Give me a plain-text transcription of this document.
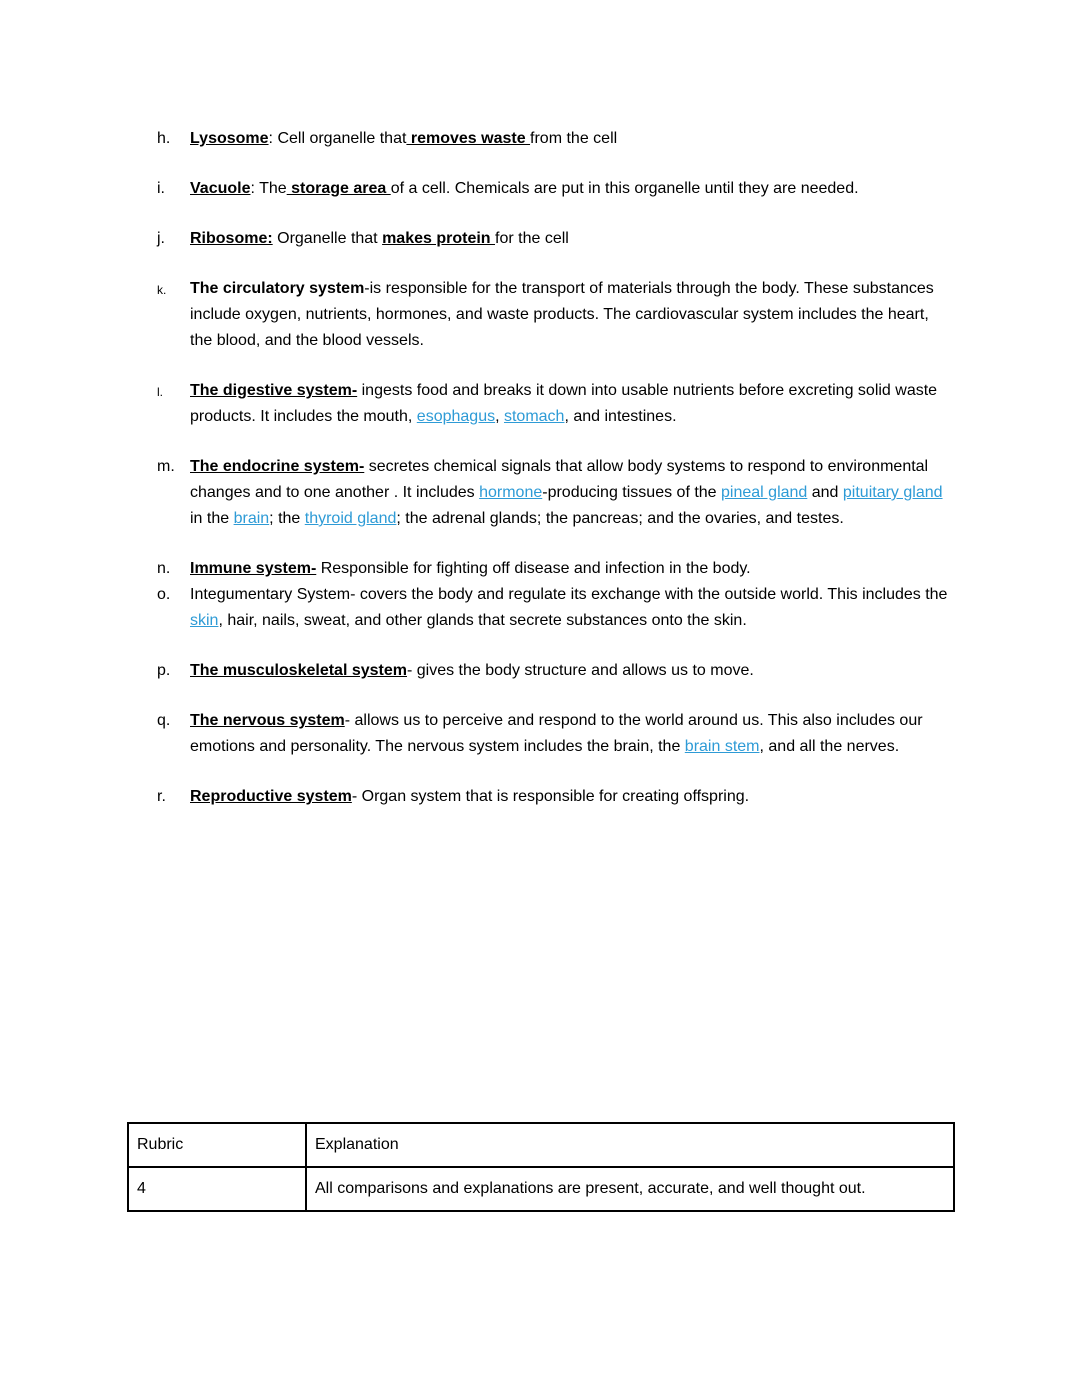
h. Lysosome: Cell organelle that removes waste from the cell
i. Vacuole: The storage area of a cell. Chemicals are put in this organelle until they are needed.
j. Ribosome: Organelle that makes protein for the cell
k. The circulatory system-is responsible for the transport of materials through the body. These substances include oxygen, nutrients, hormones, and waste products. The cardiovascular system includes the heart, the blood, and the blood vessels.
l. The digestive system- ingests food and breaks it down into usable nutrients before excreting solid waste products. It includes the mouth, esophagus, stomach, and intestines.
m. The endocrine system- secretes chemical signals that allow body systems to respond to environmental changes and to one another . It includes hormone-producing tissues of the pineal gland and pituitary gland in the brain; the thyroid gland; the adrenal glands; the pancreas; and the ovaries, and testes.
n. Immune system- Responsible for fighting off disease and infection in the body.
o. Integumentary System- covers the body and regulate its exchange with the outside world. This includes the skin, hair, nails, sweat, and other glands that secrete substances onto the skin.
p. The musculoskeletal system- gives the body structure and allows us to move.
q. The nervous system- allows us to perceive and respond to the world around us. This also includes our emotions and personality. The nervous system includes the brain, the brain stem, and all the nerves.
r. Reproductive system- Organ system that is responsible for creating offspring.
Rubric	Explanation
4	All comparisons and explanations are present, accurate, and well thought out.
